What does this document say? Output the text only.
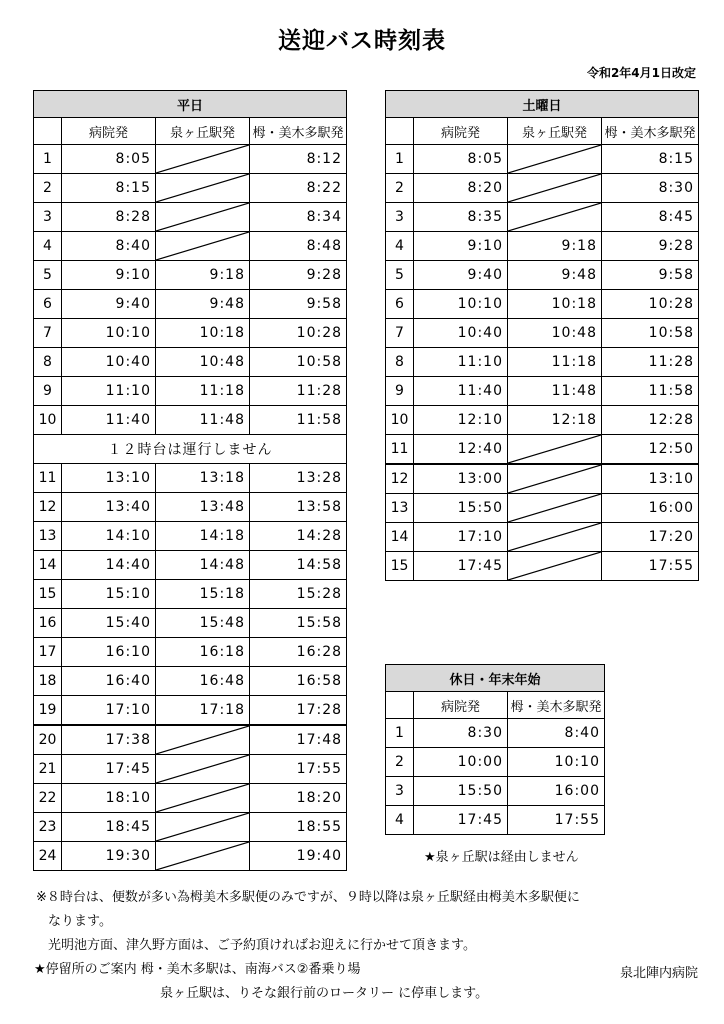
送迎バス時刻表
令和2年4月1日改定
平日			
	病院発	泉ヶ丘駅発	栂・美木多駅発
1	8:05		8:12
2	8:15		8:22
3	8:28		8:34
4	8:40		8:48
5	9:10	9:18	9:28
6	9:40	9:48	9:58
7	10:10	10:18	10:28
8	10:40	10:48	10:58
9	11:10	11:18	11:28
10	11:40	11:48	11:58
１２時台は運行しません			
11	13:10	13:18	13:28
12	13:40	13:48	13:58
13	14:10	14:18	14:28
14	14:40	14:48	14:58
15	15:10	15:18	15:28
16	15:40	15:48	15:58
17	16:10	16:18	16:28
18	16:40	16:48	16:58
19	17:10	17:18	17:28
20	17:38		17:48
21	17:45		17:55
22	18:10		18:20
23	18:45		18:55
24	19:30		19:40
土曜日			
	病院発	泉ヶ丘駅発	栂・美木多駅発
1	8:05		8:15
2	8:20		8:30
3	8:35		8:45
4	9:10	9:18	9:28
5	9:40	9:48	9:58
6	10:10	10:18	10:28
7	10:40	10:48	10:58
8	11:10	11:18	11:28
9	11:40	11:48	11:58
10	12:10	12:18	12:28
11	12:40		12:50
12	13:00		13:10
13	15:50		16:00
14	17:10		17:20
15	17:45		17:55
休日・年末年始		
	病院発	栂・美木多駅発
1	8:30	8:40
2	10:00	10:10
3	15:50	16:00
4	17:45	17:55
★泉ヶ丘駅は経由しません
※８時台は、便数が多い為栂美木多駅便のみですが、９時以降は泉ヶ丘駅経由栂美木多駅便に
なります。
光明池方面、津久野方面は、ご予約頂ければお迎えに行かせて頂きます。
★停留所のご案内 栂・美木多駅は、南海バス②番乗り場
泉ヶ丘駅は、りそな銀行前のロータリー に停車します。
泉北陣内病院
